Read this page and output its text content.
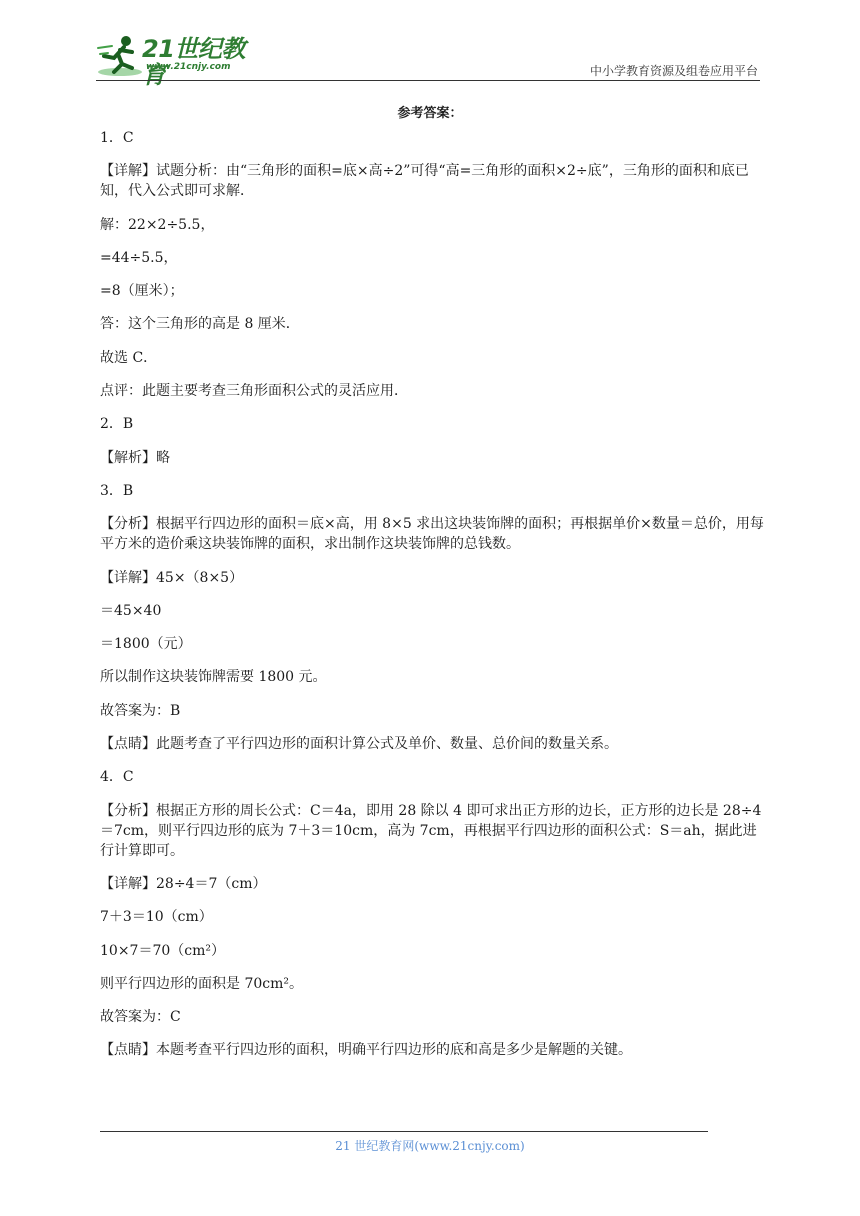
21世纪教育
www.21cnjy.com	中小学教育资源及组卷应用平台
参考答案：
1．C
【详解】试题分析：由“三角形的面积=底×高÷2”可得“高=三角形的面积×2÷底”，三角形的面积和底已知，代入公式即可求解．
解：22×2÷5.5，
=44÷5.5，
=8（厘米）；
答：这个三角形的高是 8 厘米．
故选 C．
点评：此题主要考查三角形面积公式的灵活应用．
2．B
【解析】略
3．B
【分析】根据平行四边形的面积＝底×高，用 8×5 求出这块装饰牌的面积；再根据单价×数量＝总价，用每平方米的造价乘这块装饰牌的面积，求出制作这块装饰牌的总钱数。
【详解】45×（8×5）
＝45×40
＝1800（元）
所以制作这块装饰牌需要 1800 元。
故答案为：B
【点睛】此题考查了平行四边形的面积计算公式及单价、数量、总价间的数量关系。
4．C
【分析】根据正方形的周长公式：C＝4a，即用 28 除以 4 即可求出正方形的边长，正方形的边长是 28÷4＝7cm，则平行四边形的底为 7＋3＝10cm，高为 7cm，再根据平行四边形的面积公式：S＝ah，据此进行计算即可。
【详解】28÷4＝7（cm）
7＋3＝10（cm）
10×7＝70（cm²）
则平行四边形的面积是 70cm²。
故答案为：C
【点睛】本题考查平行四边形的面积，明确平行四边形的底和高是多少是解题的关键。
21 世纪教育网(www.21cnjy.com)
